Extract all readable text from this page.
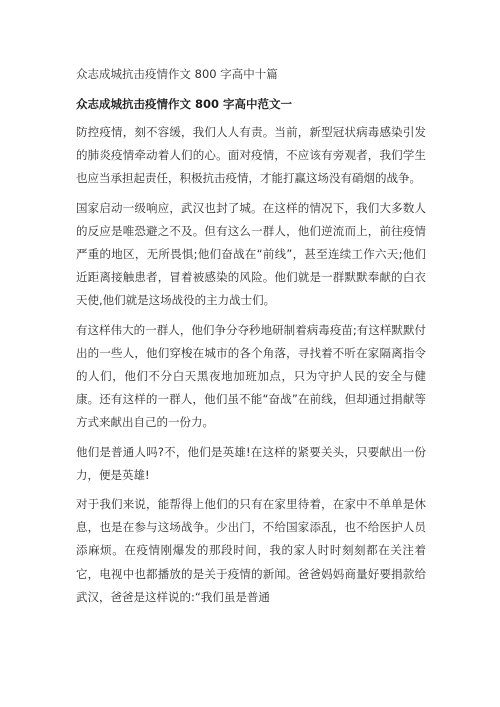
众志成城抗击疫情作文 800 字高中十篇
众志成城抗击疫情作文 800 字高中范文一

防控疫情，刻不容缓，我们人人有责。当前，新型冠状病毒感染引发的肺炎疫情牵动着人们的心。面对疫情，不应该有旁观者，我们学生也应当承担起责任，积极抗击疫情，才能打赢这场没有硝烟的战争。

国家启动一级响应，武汉也封了城。在这样的情况下，我们大多数人的反应是唯恐避之不及。但有这么一群人，他们逆流而上，前往疫情严重的地区，无所畏惧;他们奋战在“前线”，甚至连续工作六天;他们近距离接触患者，冒着被感染的风险。他们就是一群默默奉献的白衣天使,他们就是这场战役的主力战士们。

有这样伟大的一群人，他们争分夺秒地研制着病毒疫苗;有这样默默付出的一些人，他们穿梭在城市的各个角落，寻找着不听在家隔离指令的人们，他们不分白天黑夜地加班加点，只为守护人民的安全与健康。还有这样的一群人，他们虽不能“奋战”在前线，但却通过捐献等方式来献出自己的一份力。

他们是普通人吗?不，他们是英雄!在这样的紧要关头，只要献出一份力，便是英雄!

对于我们来说，能帮得上他们的只有在家里待着，在家中不单单是休息，也是在参与这场战争。少出门，不给国家添乱，也不给医护人员添麻烦。在疫情刚爆发的那段时间，我的家人时时刻刻都在关注着它，电视中也都播放的是关于疫情的新闻。爸爸妈妈商量好要捐款给武汉，爸爸是这样说的:“我们虽是普通
